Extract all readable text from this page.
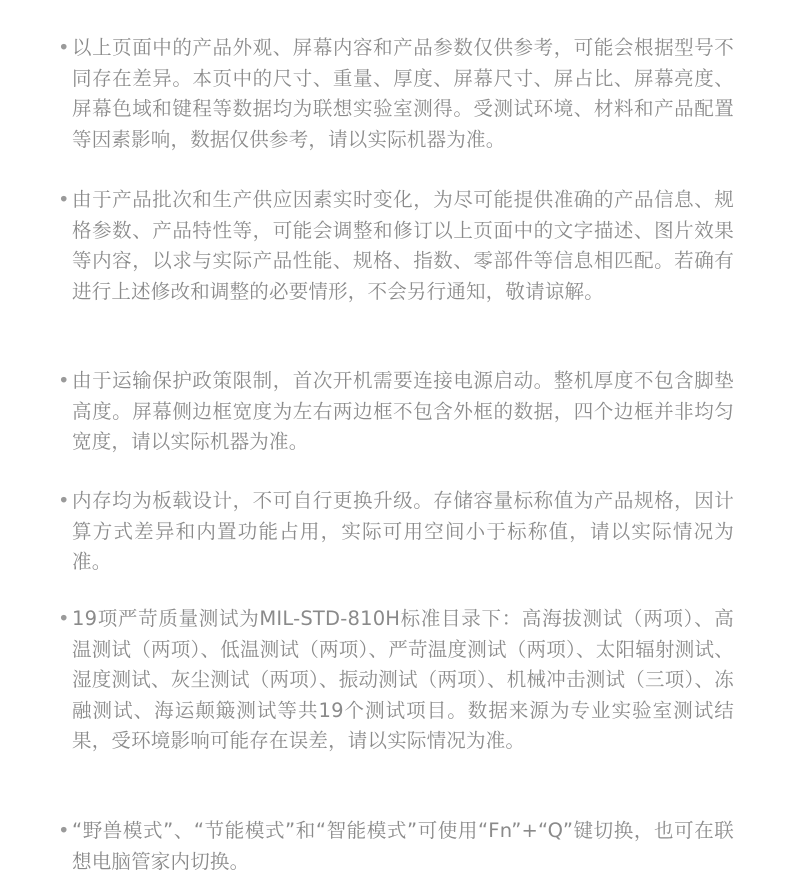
• 以上页面中的产品外观、屏幕内容和产品参数仅供参考，可能会根据型号不同存在差异。本页中的尺寸、重量、厚度、屏幕尺寸、屏占比、屏幕亮度、屏幕色域和键程等数据均为联想实验室测得。受测试环境、材料和产品配置等因素影响，数据仅供参考，请以实际机器为准。
• 由于产品批次和生产供应因素实时变化，为尽可能提供准确的产品信息、规格参数、产品特性等，可能会调整和修订以上页面中的文字描述、图片效果等内容，以求与实际产品性能、规格、指数、零部件等信息相匹配。若确有进行上述修改和调整的必要情形，不会另行通知，敬请谅解。
• 由于运输保护政策限制，首次开机需要连接电源启动。整机厚度不包含脚垫高度。屏幕侧边框宽度为左右两边框不包含外框的数据，四个边框并非均匀宽度，请以实际机器为准。
• 内存均为板载设计，不可自行更换升级。存储容量标称值为产品规格，因计算方式差异和内置功能占用，实际可用空间小于标称值，请以实际情况为准。
• 19项严苛质量测试为MIL-STD-810H标准目录下：高海拔测试（两项）、高温测试（两项）、低温测试（两项）、严苛温度测试（两项）、太阳辐射测试、湿度测试、灰尘测试（两项）、振动测试（两项）、机械冲击测试（三项）、冻融测试、海运颠簸测试等共19个测试项目。数据来源为专业实验室测试结果，受环境影响可能存在误差，请以实际情况为准。
• “野兽模式”、“节能模式”和“智能模式”可使用“Fn”+“Q”键切换，也可在联想电脑管家内切换。
